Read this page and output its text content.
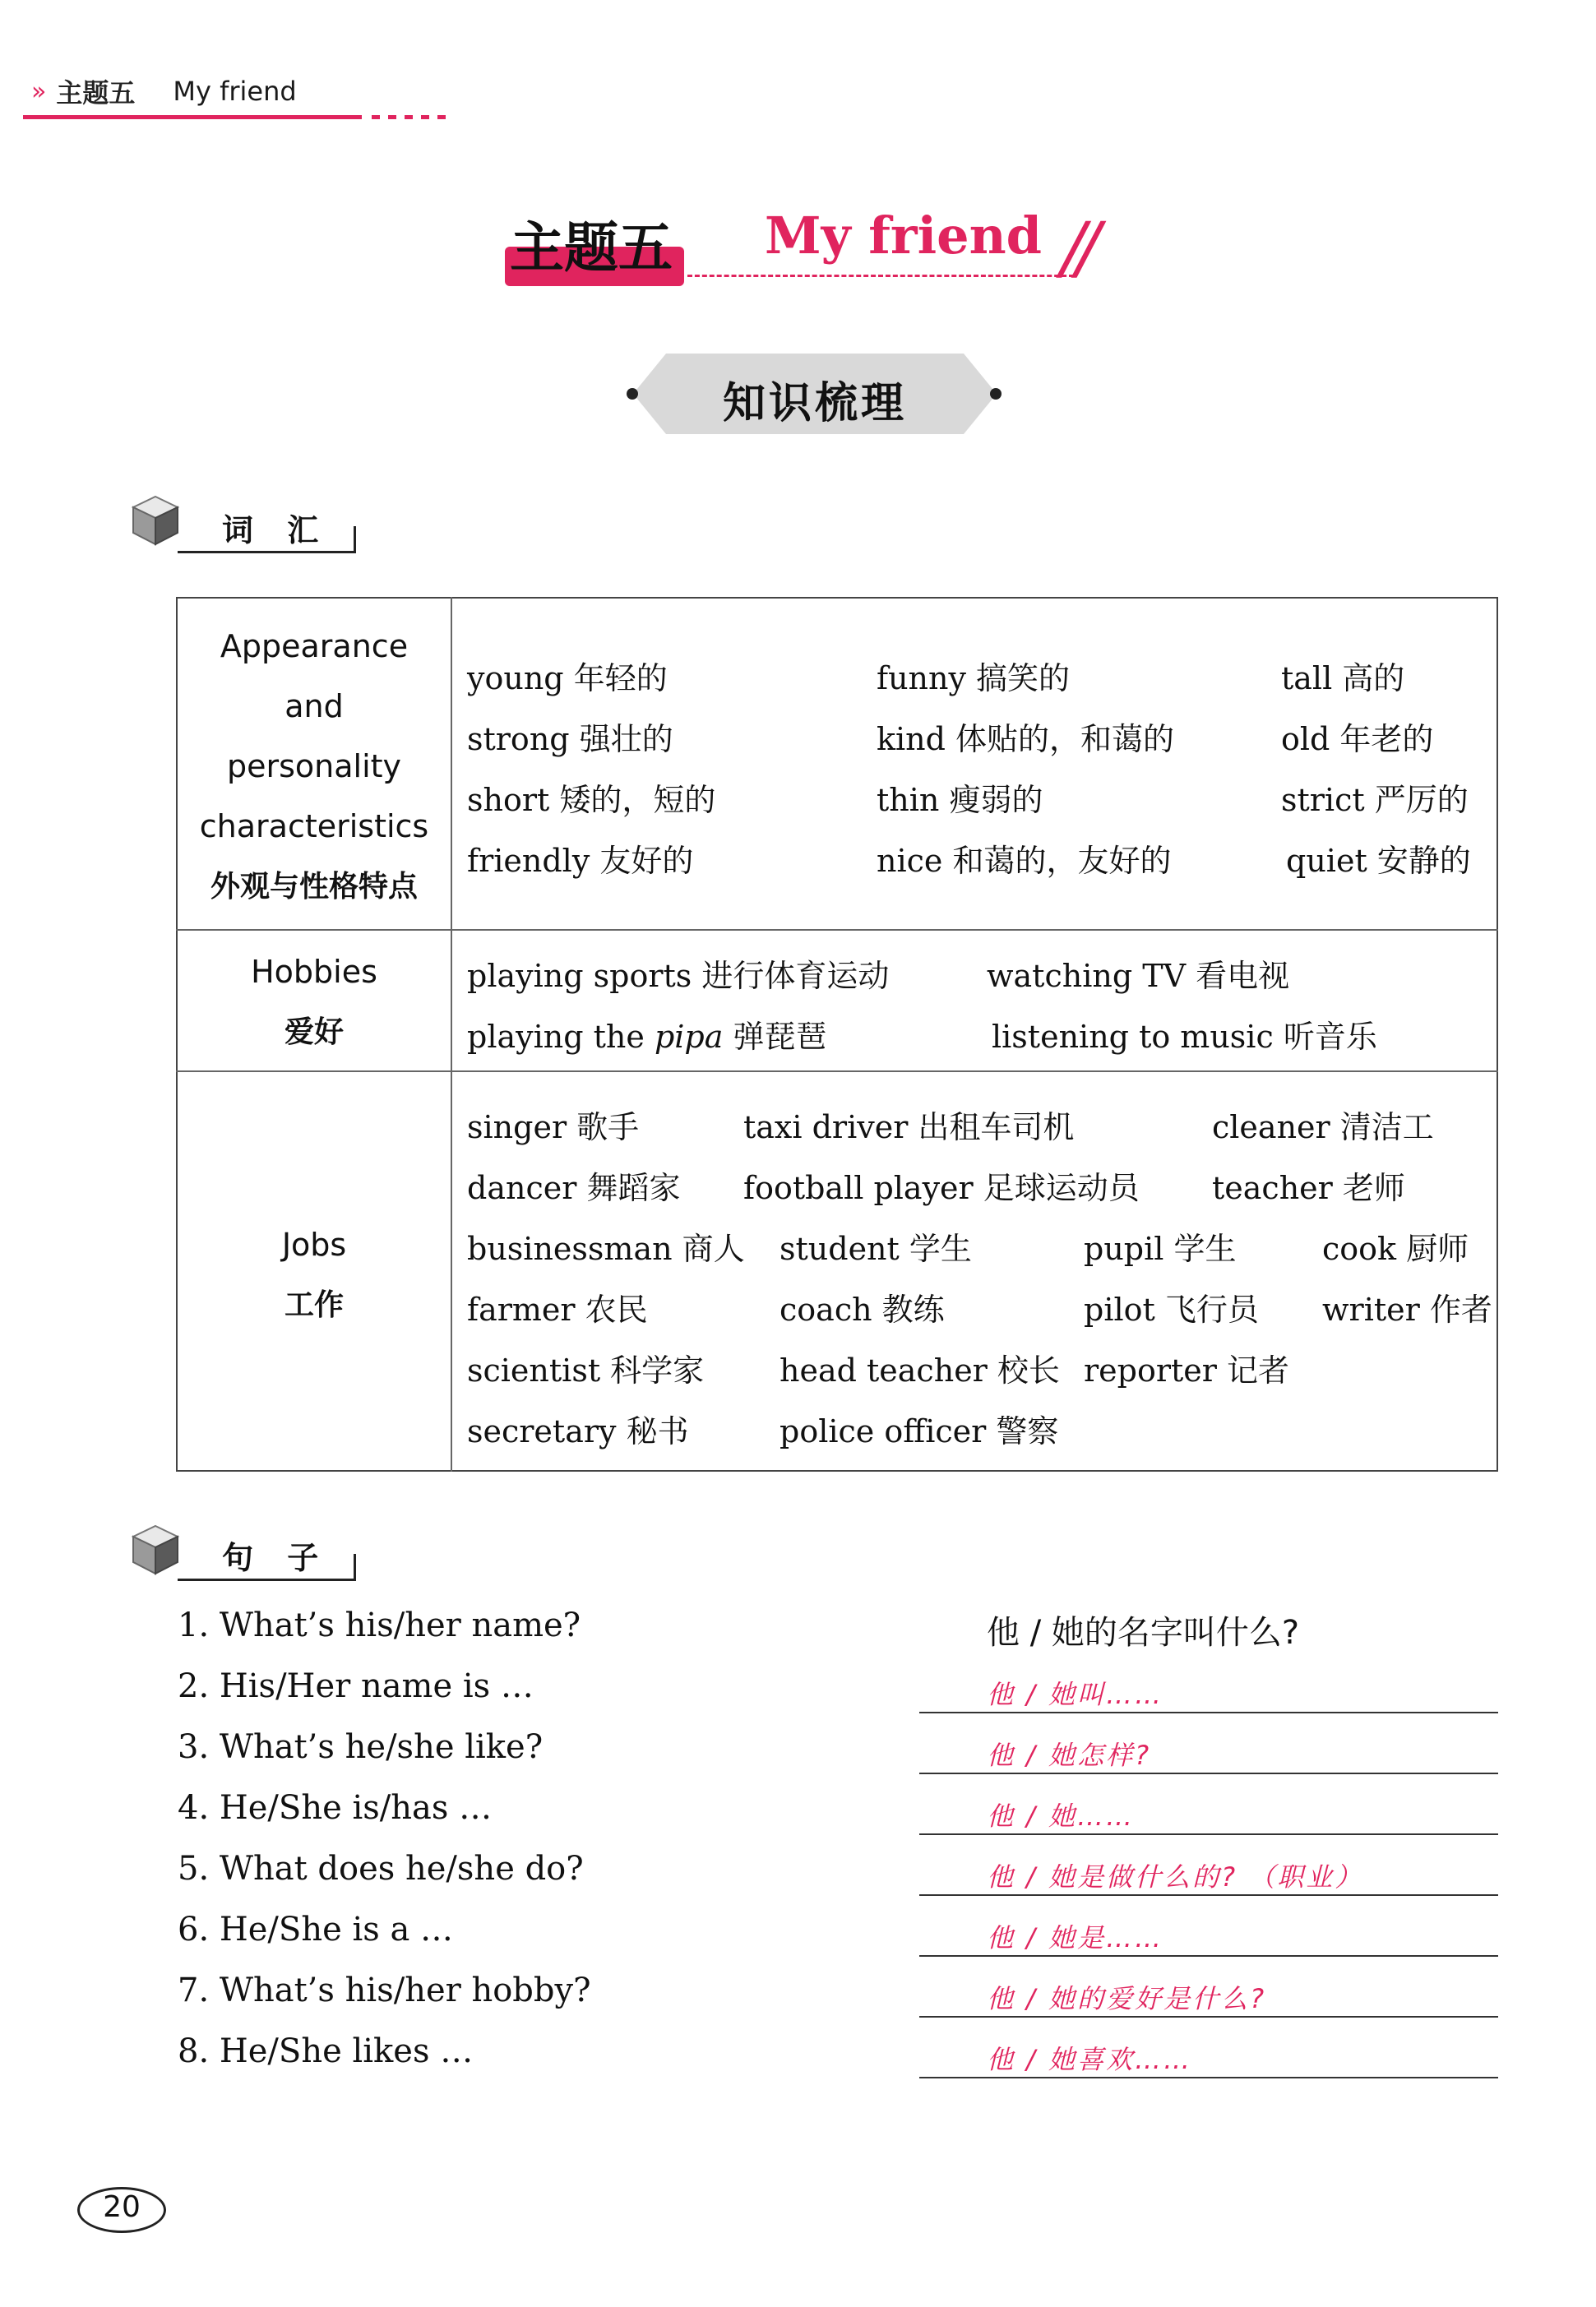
» 主题五 My friend
主题五 My friend //
知识梳理
词 汇
Appearance
and
personality
characteristics
外观与性格特点
young 年轻的	funny 搞笑的	tall 高的
strong 强壮的	kind 体贴的，和蔼的	old 年老的
short 矮的，短的	thin 瘦弱的	strict 严厉的
friendly 友好的	nice 和蔼的，友好的	quiet 安静的
Hobbies
爱好
playing sports 进行体育运动	watching TV 看电视
playing the pipa 弹琵琶	listening to music 听音乐
Jobs
工作
singer 歌手	taxi driver 出租车司机	cleaner 清洁工
dancer 舞蹈家 football player 足球运动员 teacher 老师
businessman 商人 student 学生	pupil 学生	cook 厨师
farmer 农民	coach 教练	pilot 飞行员 writer 作者
scientist 科学家 head teacher 校长 reporter 记者
secretary 秘书	police officer 警察
句 子
1. What’s his/her name?	他 / 她的名字叫什么?
2. His/Her name is …	他 / 她叫……
3. What’s he/she like?	他 / 她怎样?
4. He/She is/has …	他 / 她……
5. What does he/she do?	他 / 她是做什么的? （职业）
6. He/She is a …	他 / 她是……
7. What’s his/her hobby?	他 / 她的爱好是什么?
8. He/She likes …	他 / 她喜欢……
20
